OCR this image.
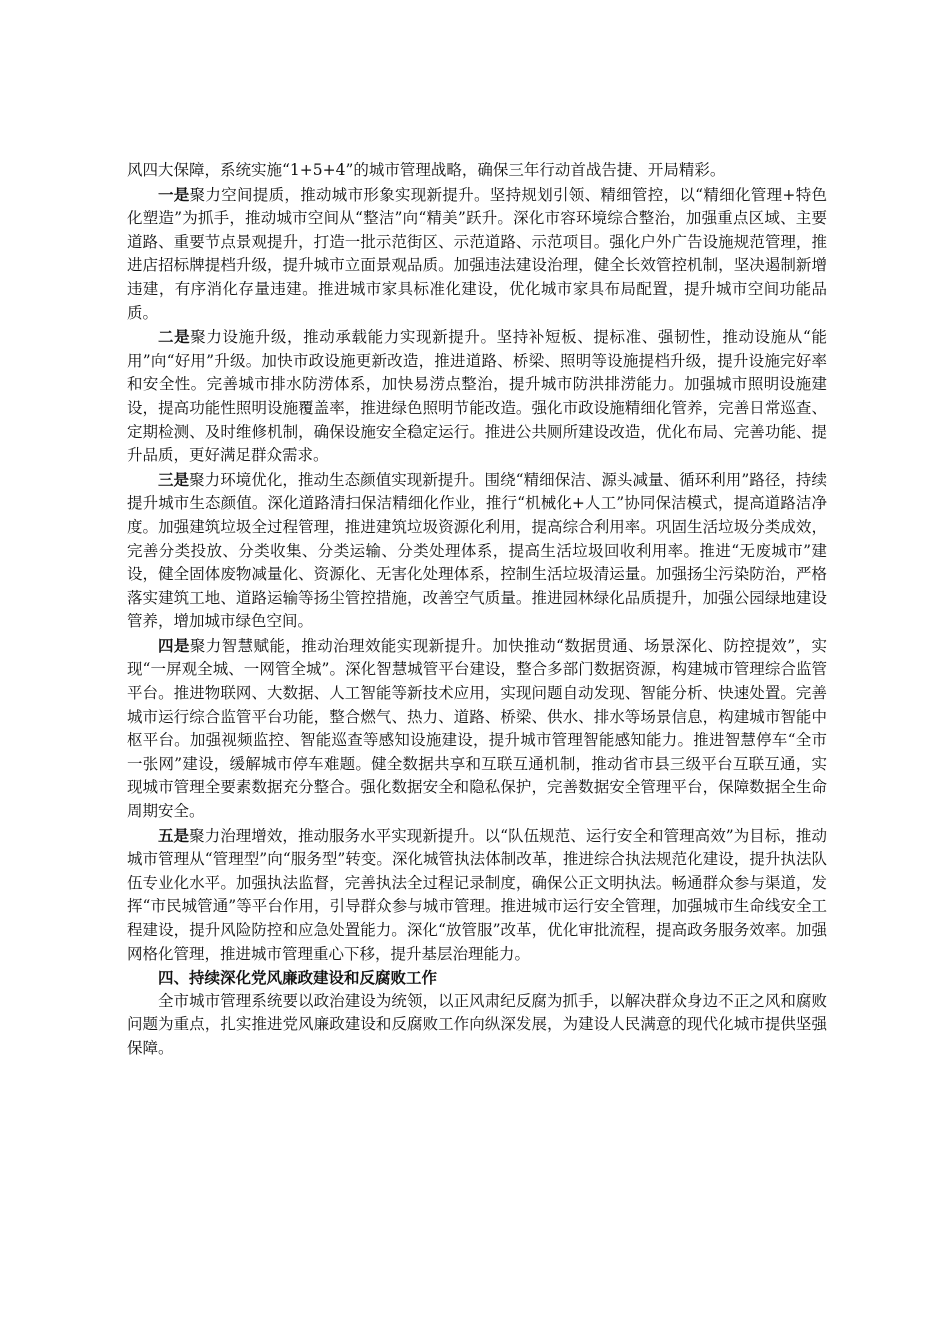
风四大保障，系统实施“1+5+4”的城市管理战略，确保三年行动首战告捷、开局精彩。

一是聚力空间提质，推动城市形象实现新提升。坚持规划引领、精细管控，以“精细化管理+特色化塑造”为抓手，推动城市空间从“整洁”向“精美”跃升。深化市容环境综合整治，加强重点区域、主要道路、重要节点景观提升，打造一批示范街区、示范道路、示范项目。强化户外广告设施规范管理，推进店招标牌提档升级，提升城市立面景观品质。加强违法建设治理，健全长效管控机制，坚决遏制新增违建，有序消化存量违建。推进城市家具标准化建设，优化城市家具布局配置，提升城市空间功能品质。

二是聚力设施升级，推动承载能力实现新提升。坚持补短板、提标准、强韧性，推动设施从“能用”向“好用”升级。加快市政设施更新改造，推进道路、桥梁、照明等设施提档升级，提升设施完好率和安全性。完善城市排水防涝体系，加快易涝点整治，提升城市防洪排涝能力。加强城市照明设施建设，提高功能性照明设施覆盖率，推进绿色照明节能改造。强化市政设施精细化管养，完善日常巡查、定期检测、及时维修机制，确保设施安全稳定运行。推进公共厕所建设改造，优化布局、完善功能、提升品质，更好满足群众需求。

三是聚力环境优化，推动生态颜值实现新提升。围绕“精细保洁、源头减量、循环利用”路径，持续提升城市生态颜值。深化道路清扫保洁精细化作业，推行“机械化+人工”协同保洁模式，提高道路洁净度。加强建筑垃圾全过程管理，推进建筑垃圾资源化利用，提高综合利用率。巩固生活垃圾分类成效，完善分类投放、分类收集、分类运输、分类处理体系，提高生活垃圾回收利用率。推进“无废城市”建设，健全固体废物减量化、资源化、无害化处理体系，控制生活垃圾清运量。加强扬尘污染防治，严格落实建筑工地、道路运输等扬尘管控措施，改善空气质量。推进园林绿化品质提升，加强公园绿地建设管养，增加城市绿色空间。

四是聚力智慧赋能，推动治理效能实现新提升。加快推动“数据贯通、场景深化、防控提效”，实现“一屏观全城、一网管全城”。深化智慧城管平台建设，整合多部门数据资源，构建城市管理综合监管平台。推进物联网、大数据、人工智能等新技术应用，实现问题自动发现、智能分析、快速处置。完善城市运行综合监管平台功能，整合燃气、热力、道路、桥梁、供水、排水等场景信息，构建城市智能中枢平台。加强视频监控、智能巡查等感知设施建设，提升城市管理智能感知能力。推进智慧停车“全市一张网”建设，缓解城市停车难题。健全数据共享和互联互通机制，推动省市县三级平台互联互通，实现城市管理全要素数据充分整合。强化数据安全和隐私保护，完善数据安全管理平台，保障数据全生命周期安全。

五是聚力治理增效，推动服务水平实现新提升。以“队伍规范、运行安全和管理高效”为目标，推动城市管理从“管理型”向“服务型”转变。深化城管执法体制改革，推进综合执法规范化建设，提升执法队伍专业化水平。加强执法监督，完善执法全过程记录制度，确保公正文明执法。畅通群众参与渠道，发挥“市民城管通”等平台作用，引导群众参与城市管理。推进城市运行安全管理，加强城市生命线安全工程建设，提升风险防控和应急处置能力。深化“放管服”改革，优化审批流程，提高政务服务效率。加强网格化管理，推进城市管理重心下移，提升基层治理能力。

四、持续深化党风廉政建设和反腐败工作

全市城市管理系统要以政治建设为统领，以正风肃纪反腐为抓手，以解决群众身边不正之风和腐败问题为重点，扎实推进党风廉政建设和反腐败工作向纵深发展，为建设人民满意的现代化城市提供坚强保障。
